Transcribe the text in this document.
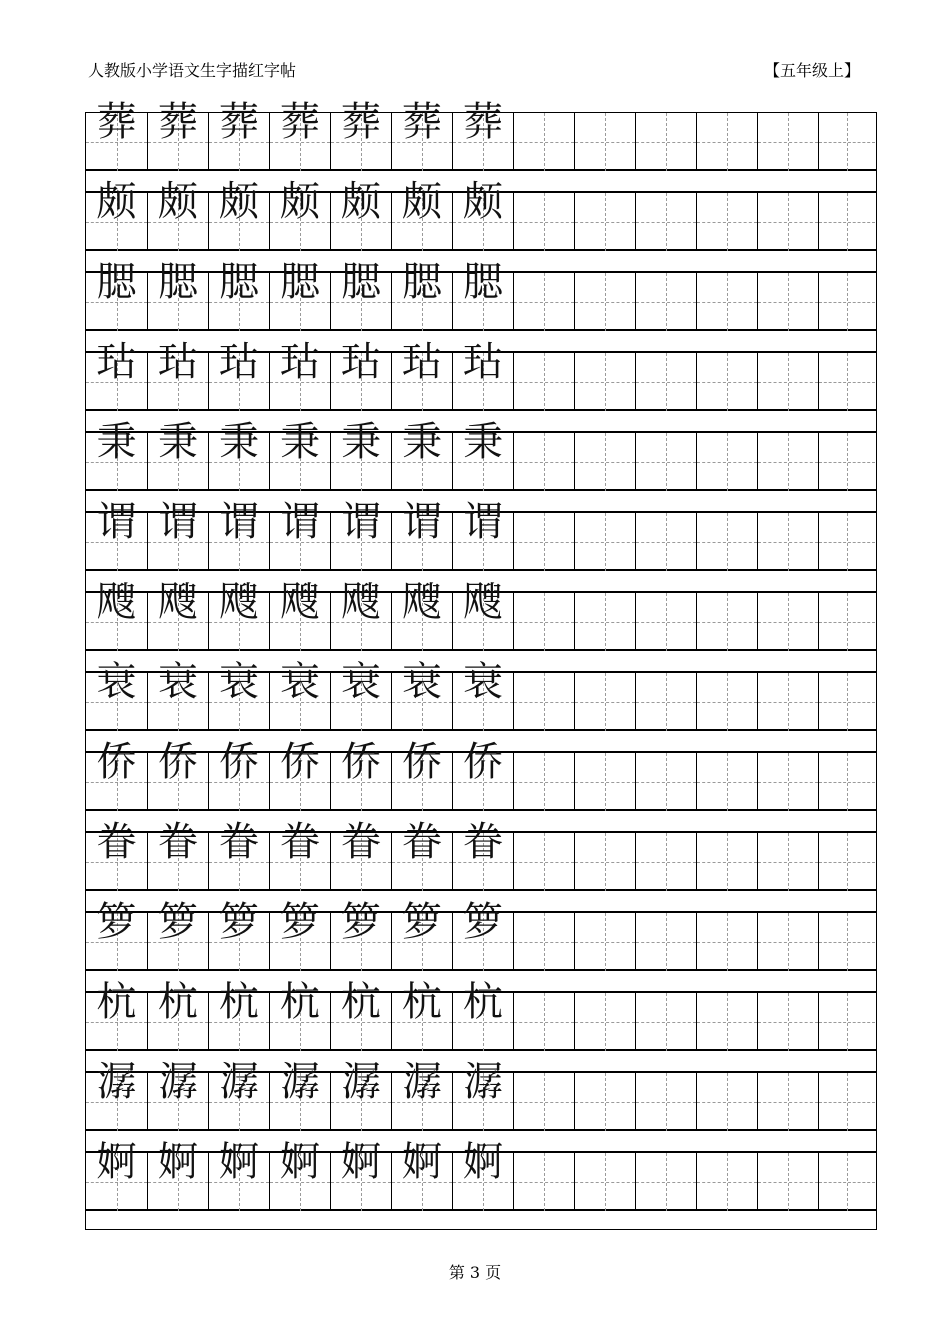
人教版小学语文生字描红字帖	【五年级上】
葬 葬 葬 葬 葬 葬 葬
颇 颇 颇 颇 颇 颇 颇
腮 腮 腮 腮 腮 腮 腮
玷 玷 玷 玷 玷 玷 玷
秉 秉 秉 秉 秉 秉 秉
谓 谓 谓 谓 谓 谓 谓
飕 飕 飕 飕 飕 飕 飕
衰 衰 衰 衰 衰 衰 衰
侨 侨 侨 侨 侨 侨 侨
眷 眷 眷 眷 眷 眷 眷
箩 箩 箩 箩 箩 箩 箩
杭 杭 杭 杭 杭 杭 杭
潺 潺 潺 潺 潺 潺 潺
婀 婀 婀 婀 婀 婀 婀
第 3 页
